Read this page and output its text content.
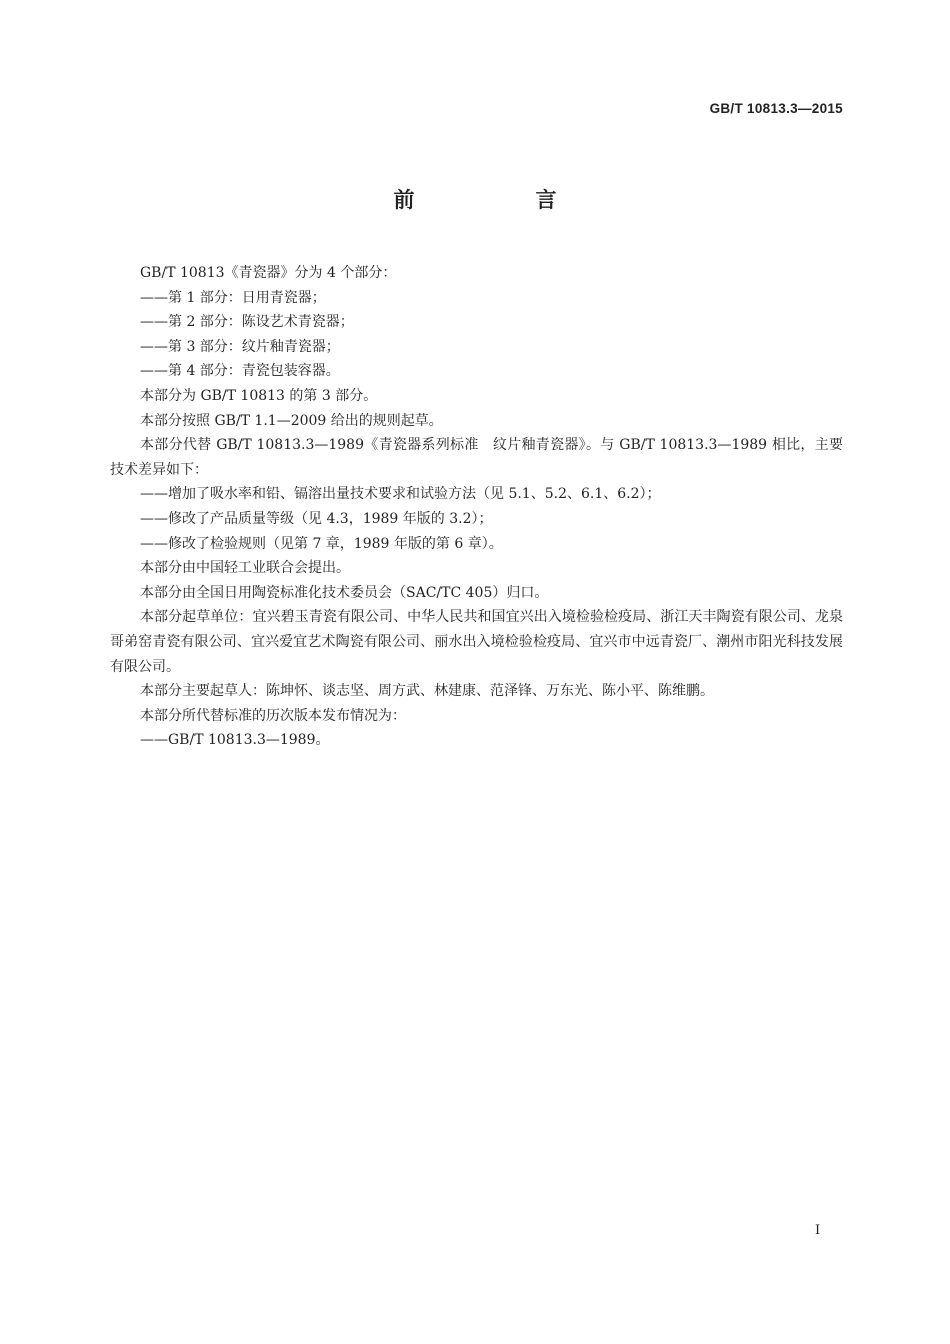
GB/T 10813.3—2015
前　言

GB/T 10813《青瓷器》分为 4 个部分：

——第 1 部分：日用青瓷器；

——第 2 部分：陈设艺术青瓷器；

——第 3 部分：纹片釉青瓷器；

——第 4 部分：青瓷包装容器。

本部分为 GB/T 10813 的第 3 部分。

本部分按照 GB/T 1.1—2009 给出的规则起草。

本部分代替 GB/T 10813.3—1989《青瓷器系列标准　纹片釉青瓷器》。与 GB/T 10813.3—1989 相比，主要技术差异如下：

——增加了吸水率和铅、镉溶出量技术要求和试验方法（见 5.1、5.2、6.1、6.2）；

——修改了产品质量等级（见 4.3，1989 年版的 3.2）；

——修改了检验规则（见第 7 章，1989 年版的第 6 章）。

本部分由中国轻工业联合会提出。

本部分由全国日用陶瓷标准化技术委员会（SAC/TC 405）归口。

本部分起草单位：宜兴碧玉青瓷有限公司、中华人民共和国宜兴出入境检验检疫局、浙江天丰陶瓷有限公司、龙泉哥弟窑青瓷有限公司、宜兴爱宜艺术陶瓷有限公司、丽水出入境检验检疫局、宜兴市中远青瓷厂、潮州市阳光科技发展有限公司。

本部分主要起草人：陈坤怀、谈志坚、周方武、林建康、范泽锋、万东光、陈小平、陈维鹏。

本部分所代替标准的历次版本发布情况为：

——GB/T 10813.3—1989。

I
